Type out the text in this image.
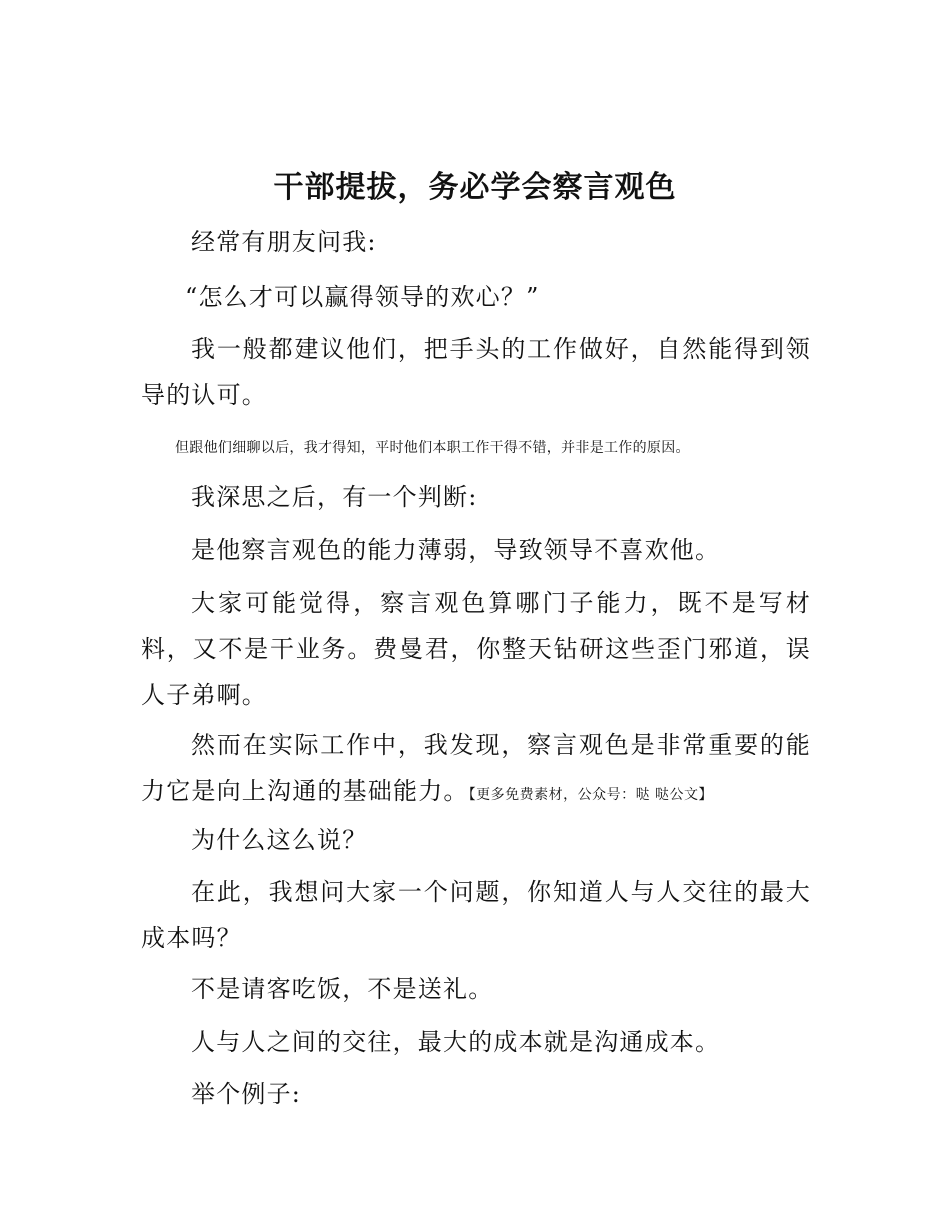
干部提拔，务必学会察言观色

经常有朋友问我:

“怎么才可以赢得领导的欢心？”

我一般都建议他们，把手头的工作做好，自然能得到领导的认可。

但跟他们细聊以后，我才得知，平时他们本职工作干得不错，并非是工作的原因。

我深思之后，有一个判断:

是他察言观色的能力薄弱，导致领导不喜欢他。

大家可能觉得，察言观色算哪门子能力，既不是写材料，又不是干业务。费曼君，你整天钻研这些歪门邪道，误人子弟啊。

然而在实际工作中，我发现，察言观色是非常重要的能力它是向上沟通的基础能力。【更多免费素材，公众号：哒 哒公文】

为什么这么说？

在此，我想问大家一个问题，你知道人与人交往的最大成本吗？

不是请客吃饭，不是送礼。

人与人之间的交往，最大的成本就是沟通成本。

举个例子:
